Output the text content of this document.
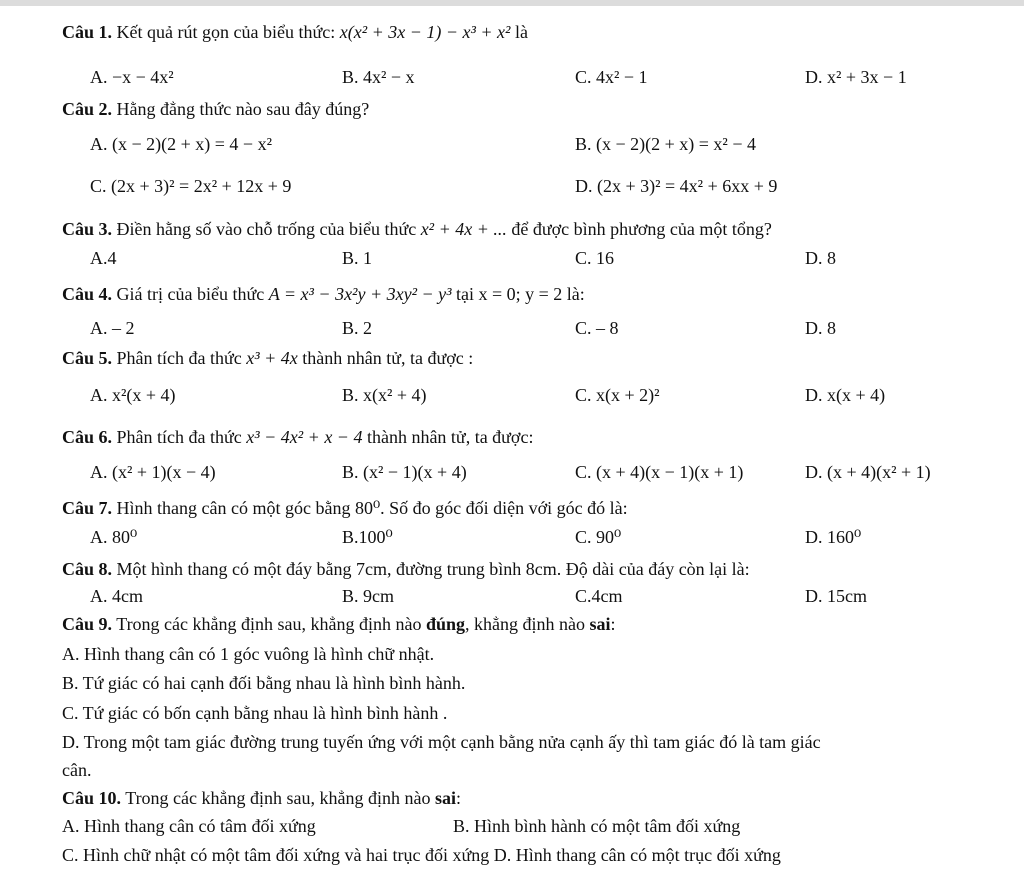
Câu 1. Kết quả rút gọn của biểu thức: x(x² + 3x − 1) − x³ + x² là
A. −x − 4x²	B. 4x² − x	C. 4x² − 1	D. x² + 3x − 1
Câu 2. Hằng đẳng thức nào sau đây đúng?
A. (x − 2)(2 + x) = 4 − x²	B. (x − 2)(2 + x) = x² − 4
C. (2x + 3)² = 2x² + 12x + 9	D. (2x + 3)² = 4x² + 6xx + 9
Câu 3. Điền hằng số vào chỗ trống của biểu thức x² + 4x + ... để được bình phương của một tổng?
A.4	B. 1	C. 16	D. 8
Câu 4. Giá trị của biểu thức A = x³ − 3x²y + 3xy² − y³ tại x = 0; y = 2 là:
A. – 2	B. 2	C. – 8	D. 8
Câu 5. Phân tích đa thức x³ + 4x thành nhân tử, ta được :
A. x²(x + 4)	B. x(x² + 4)	C. x(x + 2)²	D. x(x + 4)
Câu 6. Phân tích đa thức x³ − 4x² + x − 4 thành nhân tử, ta được:
A. (x² + 1)(x − 4)	B. (x² − 1)(x + 4)	C. (x + 4)(x − 1)(x + 1)	D. (x + 4)(x² + 1)
Câu 7. Hình thang cân có một góc bằng 80⁰. Số đo góc đối diện với góc đó là:
A. 80⁰	B.100⁰	C. 90⁰	D. 160⁰
Câu 8. Một hình thang có một đáy bằng 7cm, đường trung bình 8cm. Độ dài của đáy còn lại là:
A. 4cm	B. 9cm	C.4cm	D. 15cm
Câu 9. Trong các khẳng định sau, khẳng định nào đúng, khẳng định nào sai:
A. Hình thang cân có 1 góc vuông là hình chữ nhật.
B. Tứ giác có hai cạnh đối bằng nhau là hình bình hành.
C. Tứ giác có bốn cạnh bằng nhau là hình bình hành .
D. Trong một tam giác đường trung tuyến ứng với một cạnh bằng nửa cạnh ấy thì tam giác đó là tam giác
cân.
Câu 10. Trong các khẳng định sau, khẳng định nào sai:
A. Hình thang cân có tâm đối xứng	B. Hình bình hành có một tâm đối xứng
C. Hình chữ nhật có một tâm đối xứng và hai trục đối xứng D. Hình thang cân có một trục đối xứng
